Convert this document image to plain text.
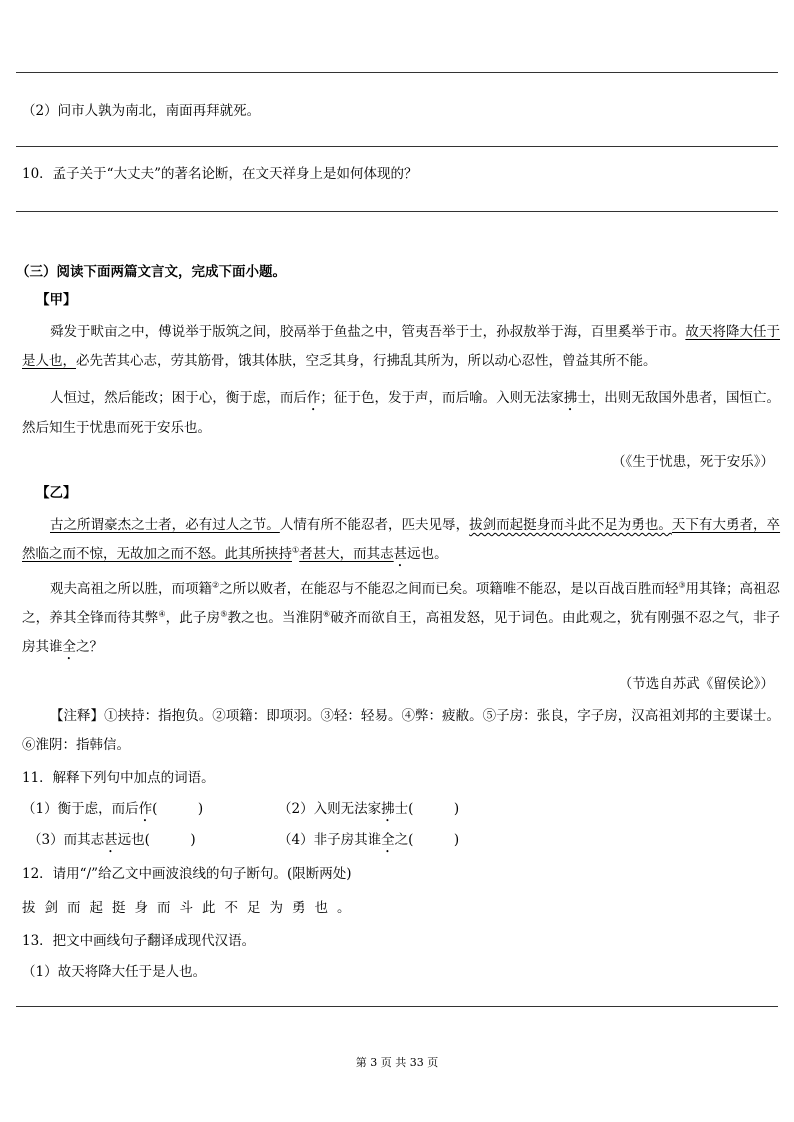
（2）问市人孰为南北，南面再拜就死。
10．孟子关于“大丈夫”的著名论断，在文天祥身上是如何体现的？
（三）阅读下面两篇文言文，完成下面小题。
【甲】
舜发于畎亩之中，傅说举于版筑之间，胶鬲举于鱼盐之中，管夷吾举于士，孙叔敖举于海，百里奚举于市。故天将降大任于是人也，必先苦其心志，劳其筋骨，饿其体肤，空乏其身，行拂乱其所为，所以动心忍性，曾益其所不能。
人恒过，然后能改；困于心，衡于虑，而后作；征于色，发于声，而后喻。入则无法家拂士，出则无敌国外患者，国恒亡。然后知生于忧患而死于安乐也。
（《生于忧患，死于安乐》）
【乙】
古之所谓豪杰之士者，必有过人之节。人情有所不能忍者，匹夫见辱，拔剑而起挺身而斗此不足为勇也。天下有大勇者，卒然临之而不惊，无故加之而不怒。此其所挟持①者甚大，而其志甚远也。
观夫高祖之所以胜，而项籍②之所以败者，在能忍与不能忍之间而已矣。项籍唯不能忍，是以百战百胜而轻③用其锋；高祖忍之，养其全锋而待其弊④，此子房⑤教之也。当淮阴⑥破齐而欲自王，高祖发怒，见于词色。由此观之，犹有刚强不忍之气，非子房其谁全之？
（节选自苏武《留侯论》）
【注释】①挟持：指抱负。②项籍：即项羽。③轻：轻易。④弊：疲敝。⑤子房：张良，字子房，汉高祖刘邦的主要谋士。⑥淮阴：指韩信。
11．解释下列句中加点的词语。
（1）衡于虑，而后作(　　　)	（2）入则无法家拂士(　　　)
（3）而其志甚远也(　　　)	（4）非子房其谁全之(　　　)
12．请用“/”给乙文中画波浪线的句子断句。(限断两处)
拔 剑 而 起 挺 身 而 斗 此 不 足 为 勇 也 。
13．把文中画线句子翻译成现代汉语。
（1）故天将降大任于是人也。
第 3 页 共 33 页
